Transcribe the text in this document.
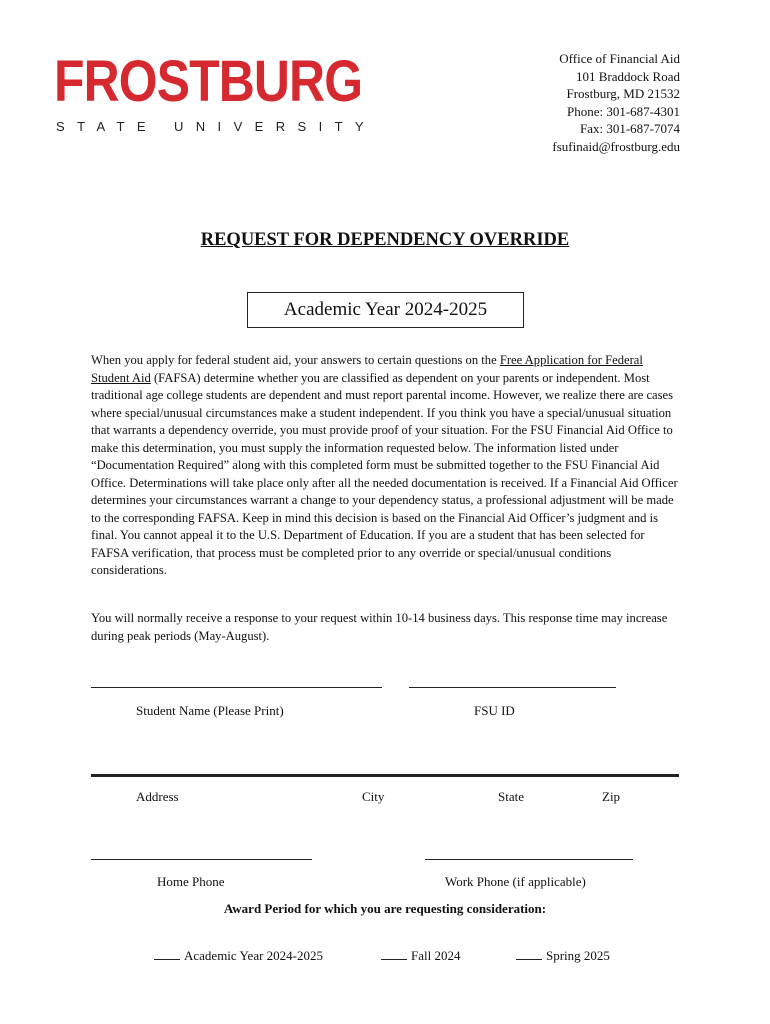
FROSTBURG
STATE UNIVERSITY
Office of Financial Aid
101 Braddock Road
Frostburg, MD 21532
Phone: 301-687-4301
Fax: 301-687-7074
fsufinaid@frostburg.edu
REQUEST FOR DEPENDENCY OVERRIDE
Academic Year 2024-2025
When you apply for federal student aid, your answers to certain questions on the Free Application for Federal Student Aid (FAFSA) determine whether you are classified as dependent on your parents or independent. Most traditional age college students are dependent and must report parental income. However, we realize there are cases where special/unusual circumstances make a student independent. If you think you have a special/unusual situation that warrants a dependency override, you must provide proof of your situation. For the FSU Financial Aid Office to make this determination, you must supply the information requested below. The information listed under “Documentation Required” along with this completed form must be submitted together to the FSU Financial Aid Office. Determinations will take place only after all the needed documentation is received. If a Financial Aid Officer determines your circumstances warrant a change to your dependency status, a professional adjustment will be made to the corresponding FAFSA. Keep in mind this decision is based on the Financial Aid Officer’s judgment and is final. You cannot appeal it to the U.S. Department of Education. If you are a student that has been selected for FAFSA verification, that process must be completed prior to any override or special/unusual conditions considerations.
You will normally receive a response to your request within 10-14 business days. This response time may increase during peak periods (May-August).
Student Name (Please Print)	FSU ID
Address	City	State	Zip
Home Phone	Work Phone (if applicable)
Award Period for which you are requesting consideration:
Academic Year 2024-2025	Fall 2024	Spring 2025
